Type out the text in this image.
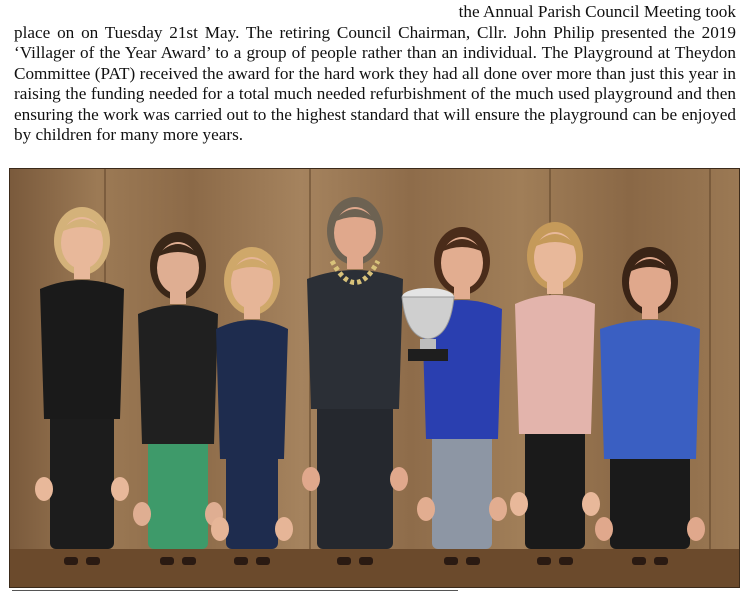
the Annual Parish Council Meeting took
place on on Tuesday 21st May. The retiring Council Chairman, Cllr. John Philip presented the 2019 ‘Villager of the Year Award’ to a group of people rather than an individual. The Playground at Theydon Committee (PAT) received the award for the hard work they had all done over more than just this year in raising the funding needed for a total much needed refurbishment of the much used playground and then ensuring the work was carried out to the highest standard that will ensure the playground can be enjoyed by children for many more years.
